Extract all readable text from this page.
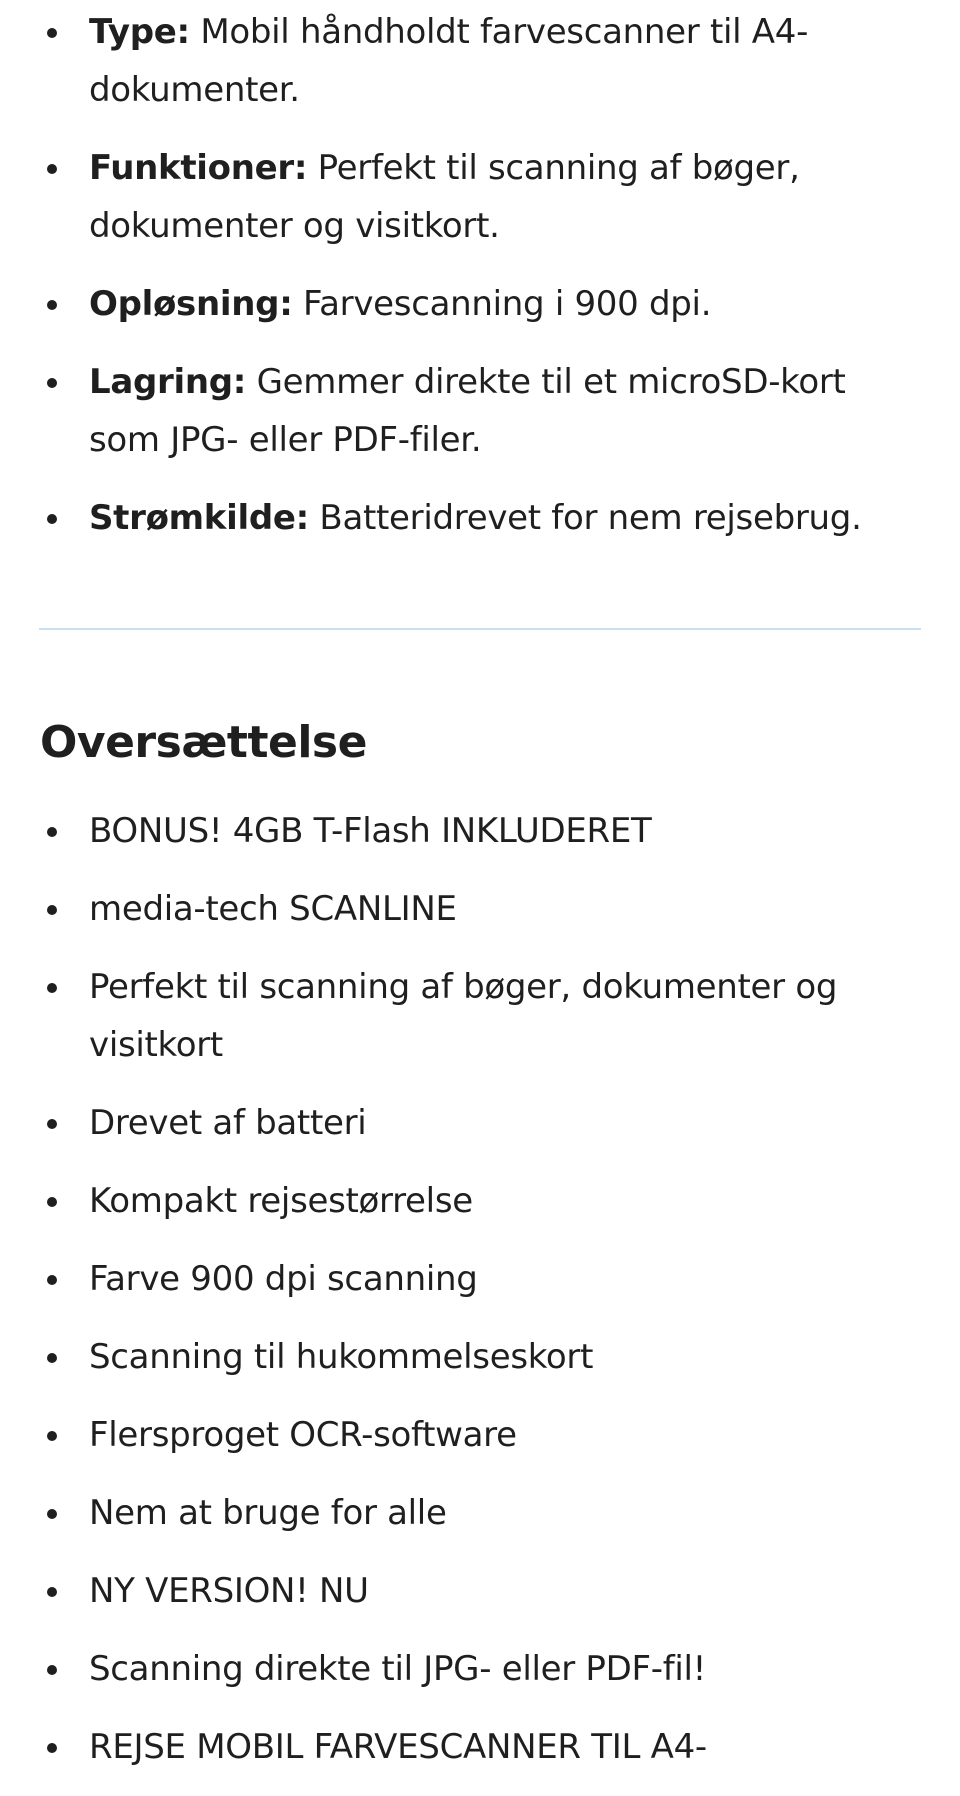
Type: Mobil håndholdt farvescanner til A4-dokumenter.
Funktioner: Perfekt til scanning af bøger, dokumenter og visitkort.
Opløsning: Farvescanning i 900 dpi.
Lagring: Gemmer direkte til et microSD-kort som JPG- eller PDF-filer.
Strømkilde: Batteridrevet for nem rejsebrug.
Oversættelse
BONUS! 4GB T-Flash INKLUDERET
media-tech SCANLINE
Perfekt til scanning af bøger, dokumenter og visitkort
Drevet af batteri
Kompakt rejsestørrelse
Farve 900 dpi scanning
Scanning til hukommelseskort
Flersproget OCR-software
Nem at bruge for alle
NY VERSION! NU
Scanning direkte til JPG- eller PDF-fil!
REJSE MOBIL FARVESCANNER TIL A4-
